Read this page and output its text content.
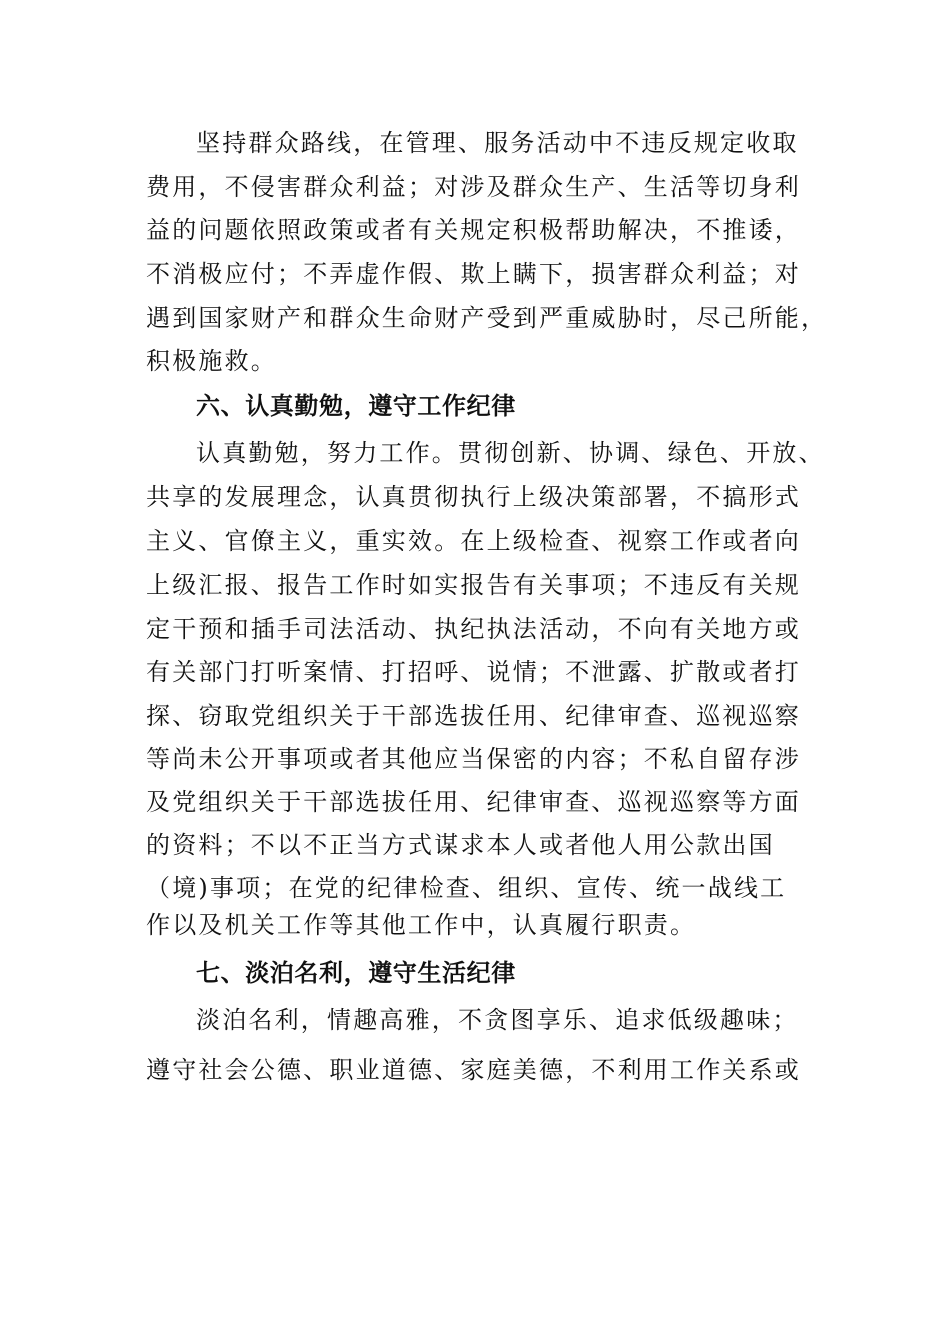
坚持群众路线，在管理、服务活动中不违反规定收取
费用，不侵害群众利益；对涉及群众生产、生活等切身利
益的问题依照政策或者有关规定积极帮助解决，不推诿，
不消极应付；不弄虚作假、欺上瞒下，损害群众利益；对
遇到国家财产和群众生命财产受到严重威胁时，尽己所能，
积极施救。
六、认真勤勉，遵守工作纪律
认真勤勉，努力工作。贯彻创新、协调、绿色、开放、
共享的发展理念，认真贯彻执行上级决策部署，不搞形式
主义、官僚主义，重实效。在上级检查、视察工作或者向
上级汇报、报告工作时如实报告有关事项；不违反有关规
定干预和插手司法活动、执纪执法活动，不向有关地方或
有关部门打听案情、打招呼、说情；不泄露、扩散或者打
探、窃取党组织关于干部选拔任用、纪律审查、巡视巡察
等尚未公开事项或者其他应当保密的内容；不私自留存涉
及党组织关于干部选拔任用、纪律审查、巡视巡察等方面
的资料；不以不正当方式谋求本人或者他人用公款出国
（境)事项；在党的纪律检查、组织、宣传、统一战线工
作以及机关工作等其他工作中，认真履行职责。
七、淡泊名利，遵守生活纪律
淡泊名利，情趣高雅，不贪图享乐、追求低级趣味；
遵守社会公德、职业道德、家庭美德，不利用工作关系或
